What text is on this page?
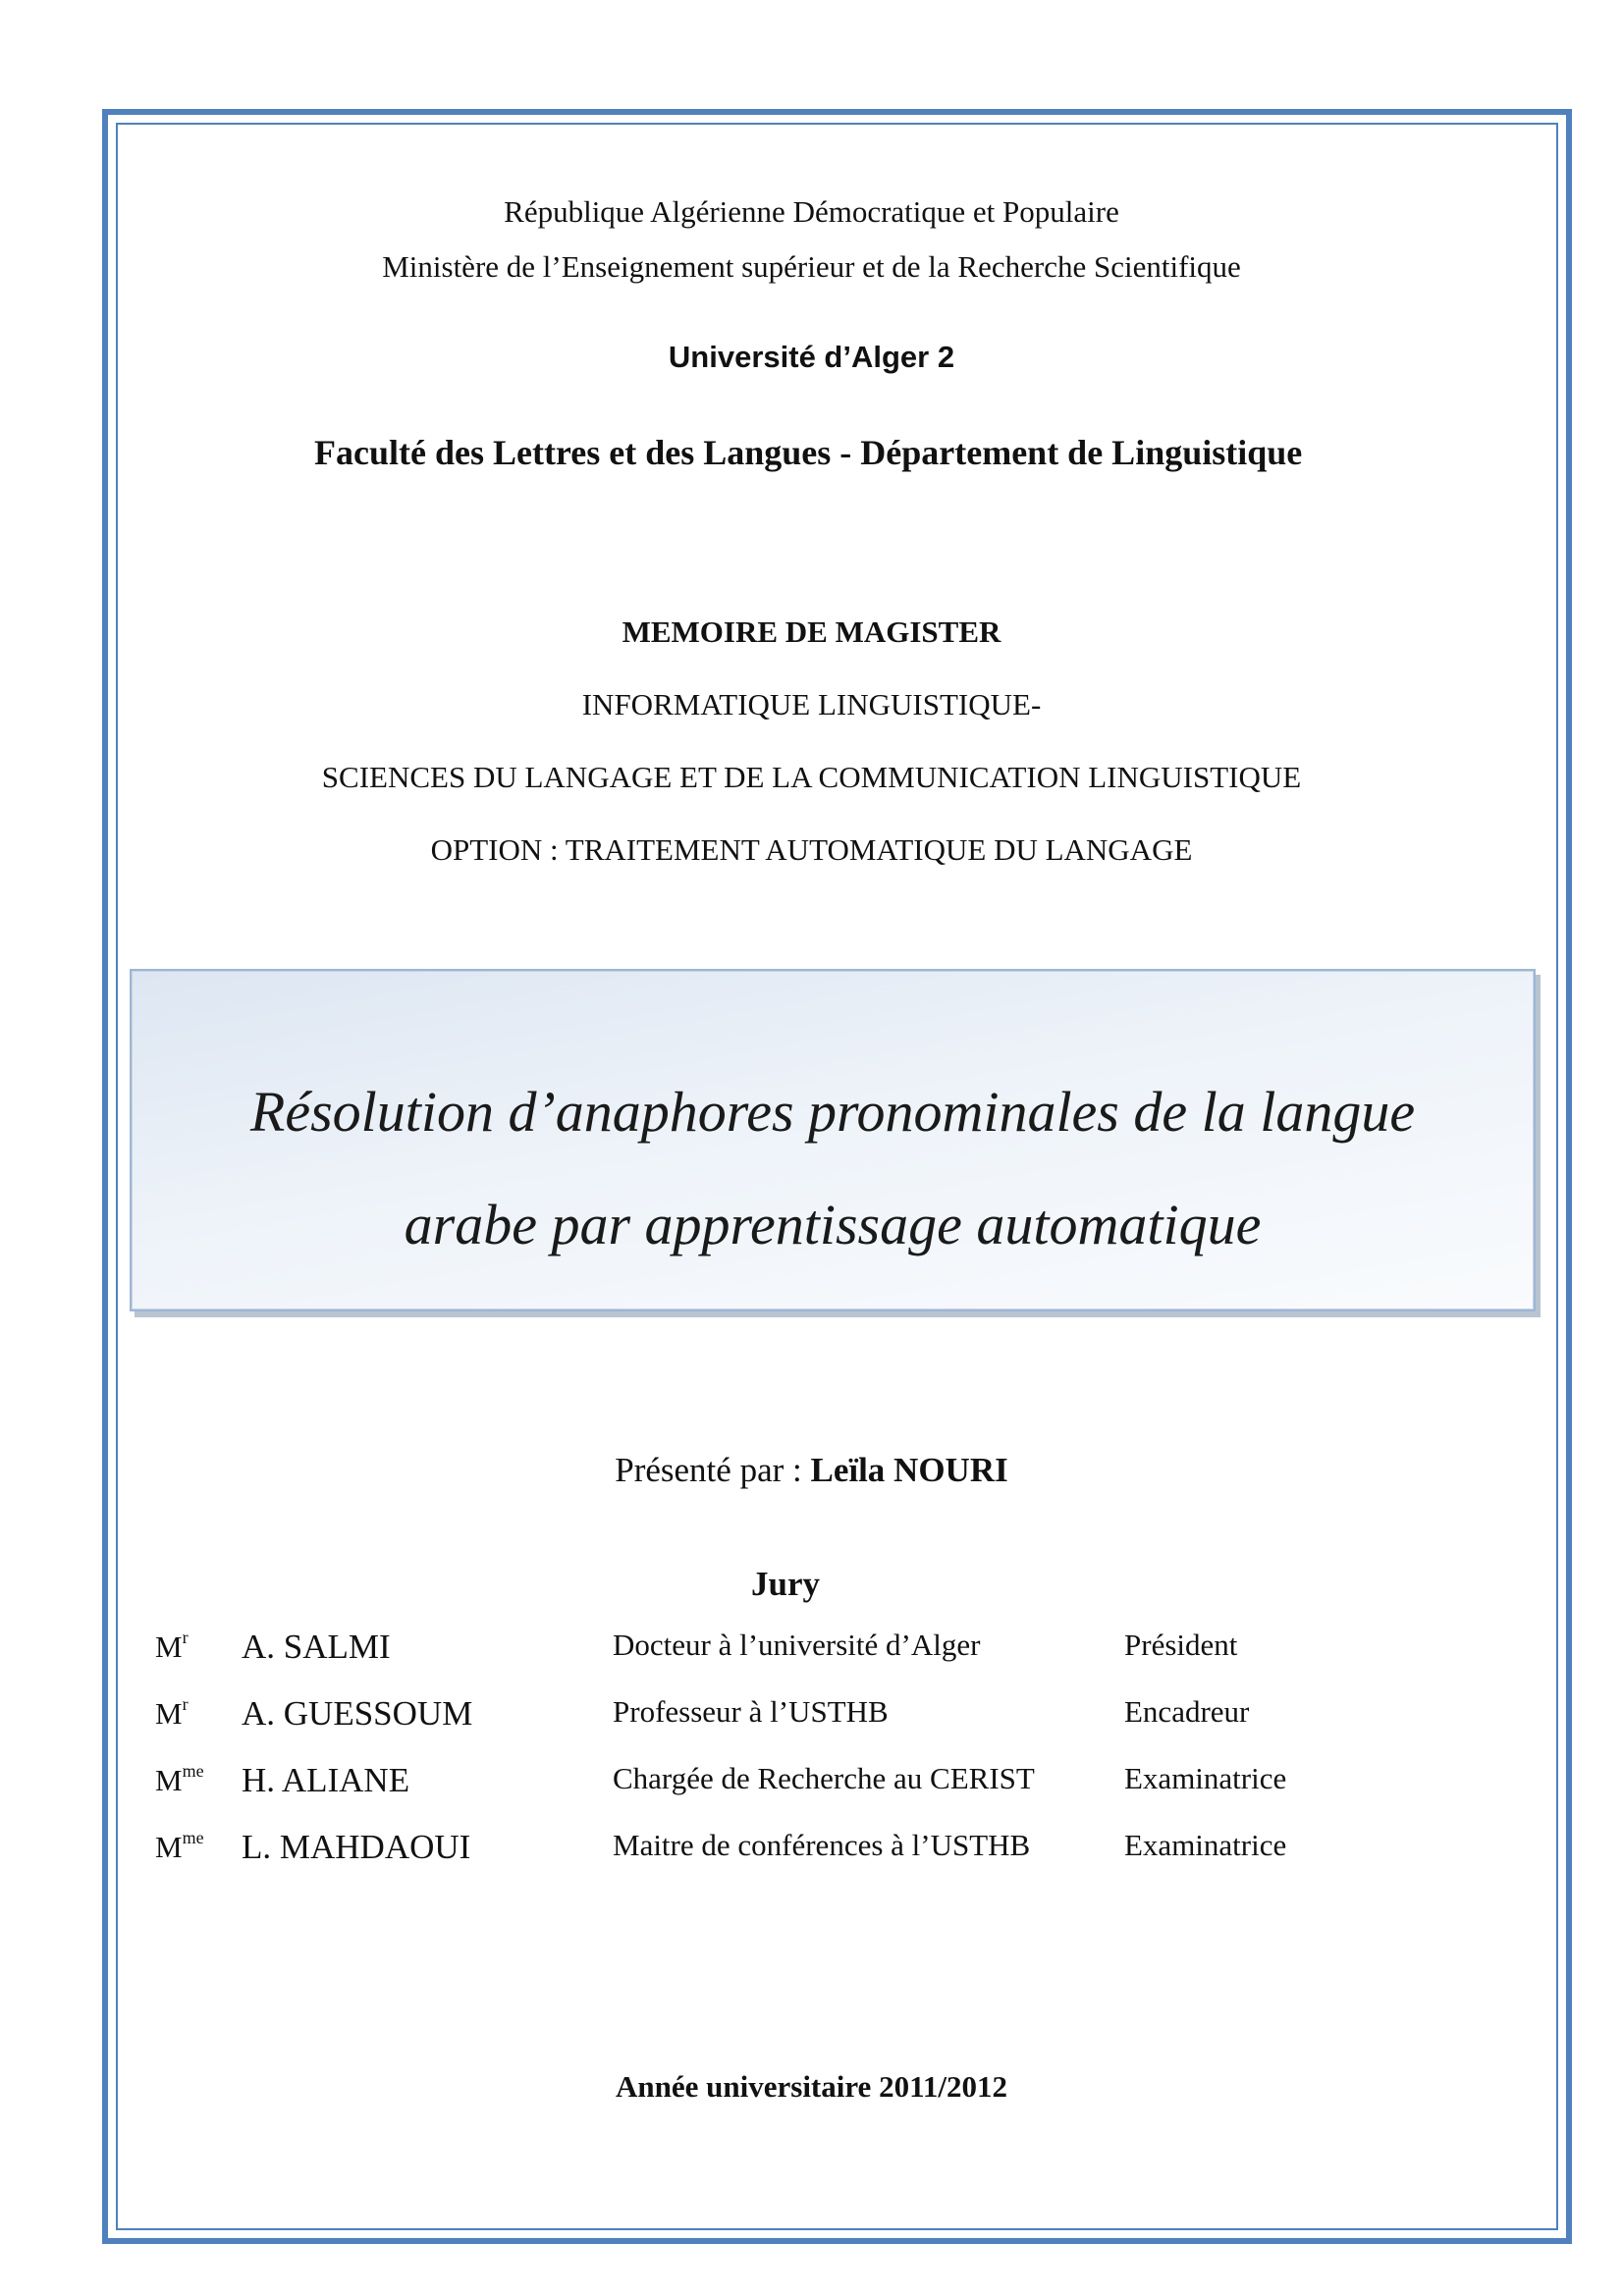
République Algérienne Démocratique et Populaire
Ministère de l’Enseignement supérieur et de la Recherche Scientifique
Université d’Alger 2
Faculté des Lettres et des Langues - Département de Linguistique
MEMOIRE DE MAGISTER
INFORMATIQUE LINGUISTIQUE-
SCIENCES DU LANGAGE ET DE LA COMMUNICATION LINGUISTIQUE
OPTION : TRAITEMENT AUTOMATIQUE DU LANGAGE
Résolution d’anaphores pronominales de la langue
arabe par apprentissage automatique
Présenté par : Leïla NOURI
Jury
$M^r$ A. SALMI	Docteur à l’université d’Alger	Président
$M^r$ A. GUESSOUM	Professeur à l’USTHB	Encadreur
$M^{me}$ H. ALIANE	Chargée de Recherche au CERIST	Examinatrice
$M^{me}$ L. MAHDAOUI	Maitre de conférences à l’USTHB	Examinatrice
Année universitaire 2011/2012
